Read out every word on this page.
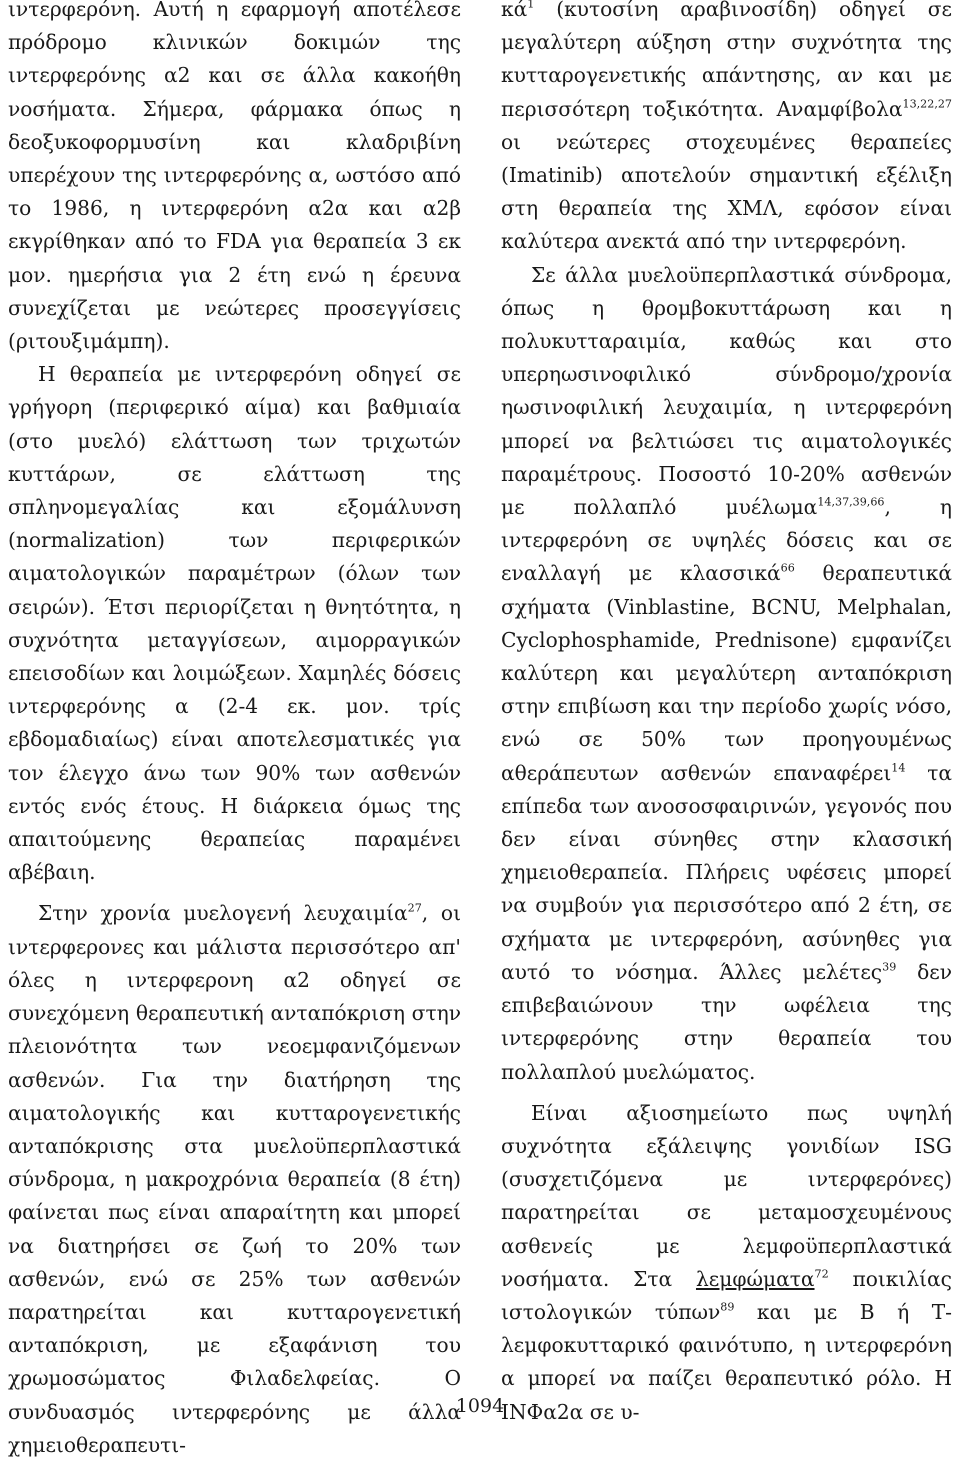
ιντερφερόνη. Αυτή η εφαρμογή αποτέλεσε πρόδρομο κλινικών δοκιμών της ιντερφερόνης α2 και σε άλλα κακοήθη νοσήματα. Σήμερα, φάρμακα όπως η δεοξυκοφορμυσίνη και κλαδριβίνη υπερέχουν της ιντερφερόνης α, ωστόσο από το 1986, η ιντερφερόνη α2α και α2β εκγρίθηκαν από το FDA για θεραπεία 3 εκ μον. ημερήσια για 2 έτη ενώ η έρευνα συνεχίζεται με νεώτερες προσεγγίσεις (ριτουξιμάμπη).

Η θεραπεία με ιντερφερόνη οδηγεί σε γρήγορη (περιφερικό αίμα) και βαθμιαία (στο μυελό) ελάττωση των τριχωτών κυττάρων, σε ελάττωση της σπληνομεγαλίας και εξομάλυνση (normalization) των περιφερικών αιματολογικών παραμέτρων (όλων των σειρών). Έτσι περιορίζεται η θνητότητα, η συχνότητα μεταγγίσεων, αιμορραγικών επεισοδίων και λοιμώξεων. Χαμηλές δόσεις ιντερφερόνης α (2-4 εκ. μον. τρίς εβδομαδιαίως) είναι αποτελεσματικές για τον έλεγχο άνω των 90% των ασθενών εντός ενός έτους. Η διάρκεια όμως της απαιτούμενης θεραπείας παραμένει αβέβαιη.

Στην χρονία μυελογενή λευχαιμία$^{27}$, οι ιντερφερονες και μάλιστα περισσότερο απ' όλες η ιντερφερονη α2 οδηγεί σε συνεχόμενη θεραπευτική ανταπόκριση στην πλειονότητα των νεοεμφανιζόμενων ασθενών. Για την διατήρηση της αιματολογικής και κυτταρογενετικής ανταπόκρισης στα μυελοϋπερπλαστικά σύνδρομα, η μακροχρόνια θεραπεία (8 έτη) φαίνεται πως είναι απαραίτητη και μπορεί να διατηρήσει σε ζωή το 20% των ασθενών, ενώ σε 25% των ασθενών παρατηρείται και κυτταρογενετική ανταπόκριση, με εξαφάνιση του χρωμοσώματος Φιλαδελφείας. Ο συνδυασμός ιντερφερόνης με άλλα χημειοθεραπευτι-

$\kappa ά^1$ (κυτοσίνη αραβινοσίδη) οδηγεί σε μεγαλύτερη αύξηση στην συχνότητα της κυτταρογενετικής απάντησης, αν και με περισσότερη τοξικότητα. Αναμφίβολα$^{13,22,27}$ οι νεώτερες στοχευμένες θεραπείες (Imatinib) αποτελούν σημαντική εξέλιξη στη θεραπεία της ΧΜΛ, εφόσον είναι καλύτερα ανεκτά από την ιντερφερόνη.

Σε άλλα μυελοϋπερπλαστικά σύνδρομα, όπως η θρομβοκυττάρωση και η πολυκυτταραιμία, καθώς και στο υπερηωσινοφιλικό σύνδρομο/χρονία ηωσινοφιλική λευχαιμία, η ιντερφερόνη μπορεί να βελτιώσει τις αιματολογικές παραμέτρους. Ποσοστό 10-20% ασθενών με πολλαπλό μυέλωμα$^{14,37,39,66}$, η ιντερφερόνη σε υψηλές δόσεις και σε εναλλαγή με κλασσικά$^{66}$ θεραπευτικά σχήματα (Vinblastine, BCNU, Melphalan, Cyclophosphamide, Prednisone) εμφανίζει καλύτερη και μεγαλύτερη ανταπόκριση στην επιβίωση και την περίοδο χωρίς νόσο, ενώ σε 50% των προηγουμένως αθεράπευτων ασθενών επαναφέρει$^{14}$ τα επίπεδα των ανοσοσφαιρινών, γεγονός που δεν είναι σύνηθες στην κλασσική χημειοθεραπεία. Πλήρεις υφέσεις μπορεί να συμβούν για περισσότερο από 2 έτη, σε σχήματα με ιντερφερόνη, ασύνηθες για αυτό το νόσημα. Άλλες μελέτες$^{39}$ δεν επιβεβαιώνουν την ωφέλεια της ιντερφερόνης στην θεραπεία του πολλαπλού μυελώματος.

Είναι αξιοσημείωτο πως υψηλή συχνότητα εξάλειψης γονιδίων ISG (συσχετιζόμενα με ιντερφερόνες) παρατηρείται σε μεταμοσχευμένους ασθενείς με λεμφοϋπερπλαστικά νοσήματα. Στα λεμφώματα$^{72}$ ποικιλίας ιστολογικών τύπων$^{89}$ και με Β ή Τ-λεμφοκυτταρικό φαινότυπο, η ιντερφερόνη α μπορεί να παίζει θεραπευτικό ρόλο. Η ΙΝΦα2α σε υ-

1094
